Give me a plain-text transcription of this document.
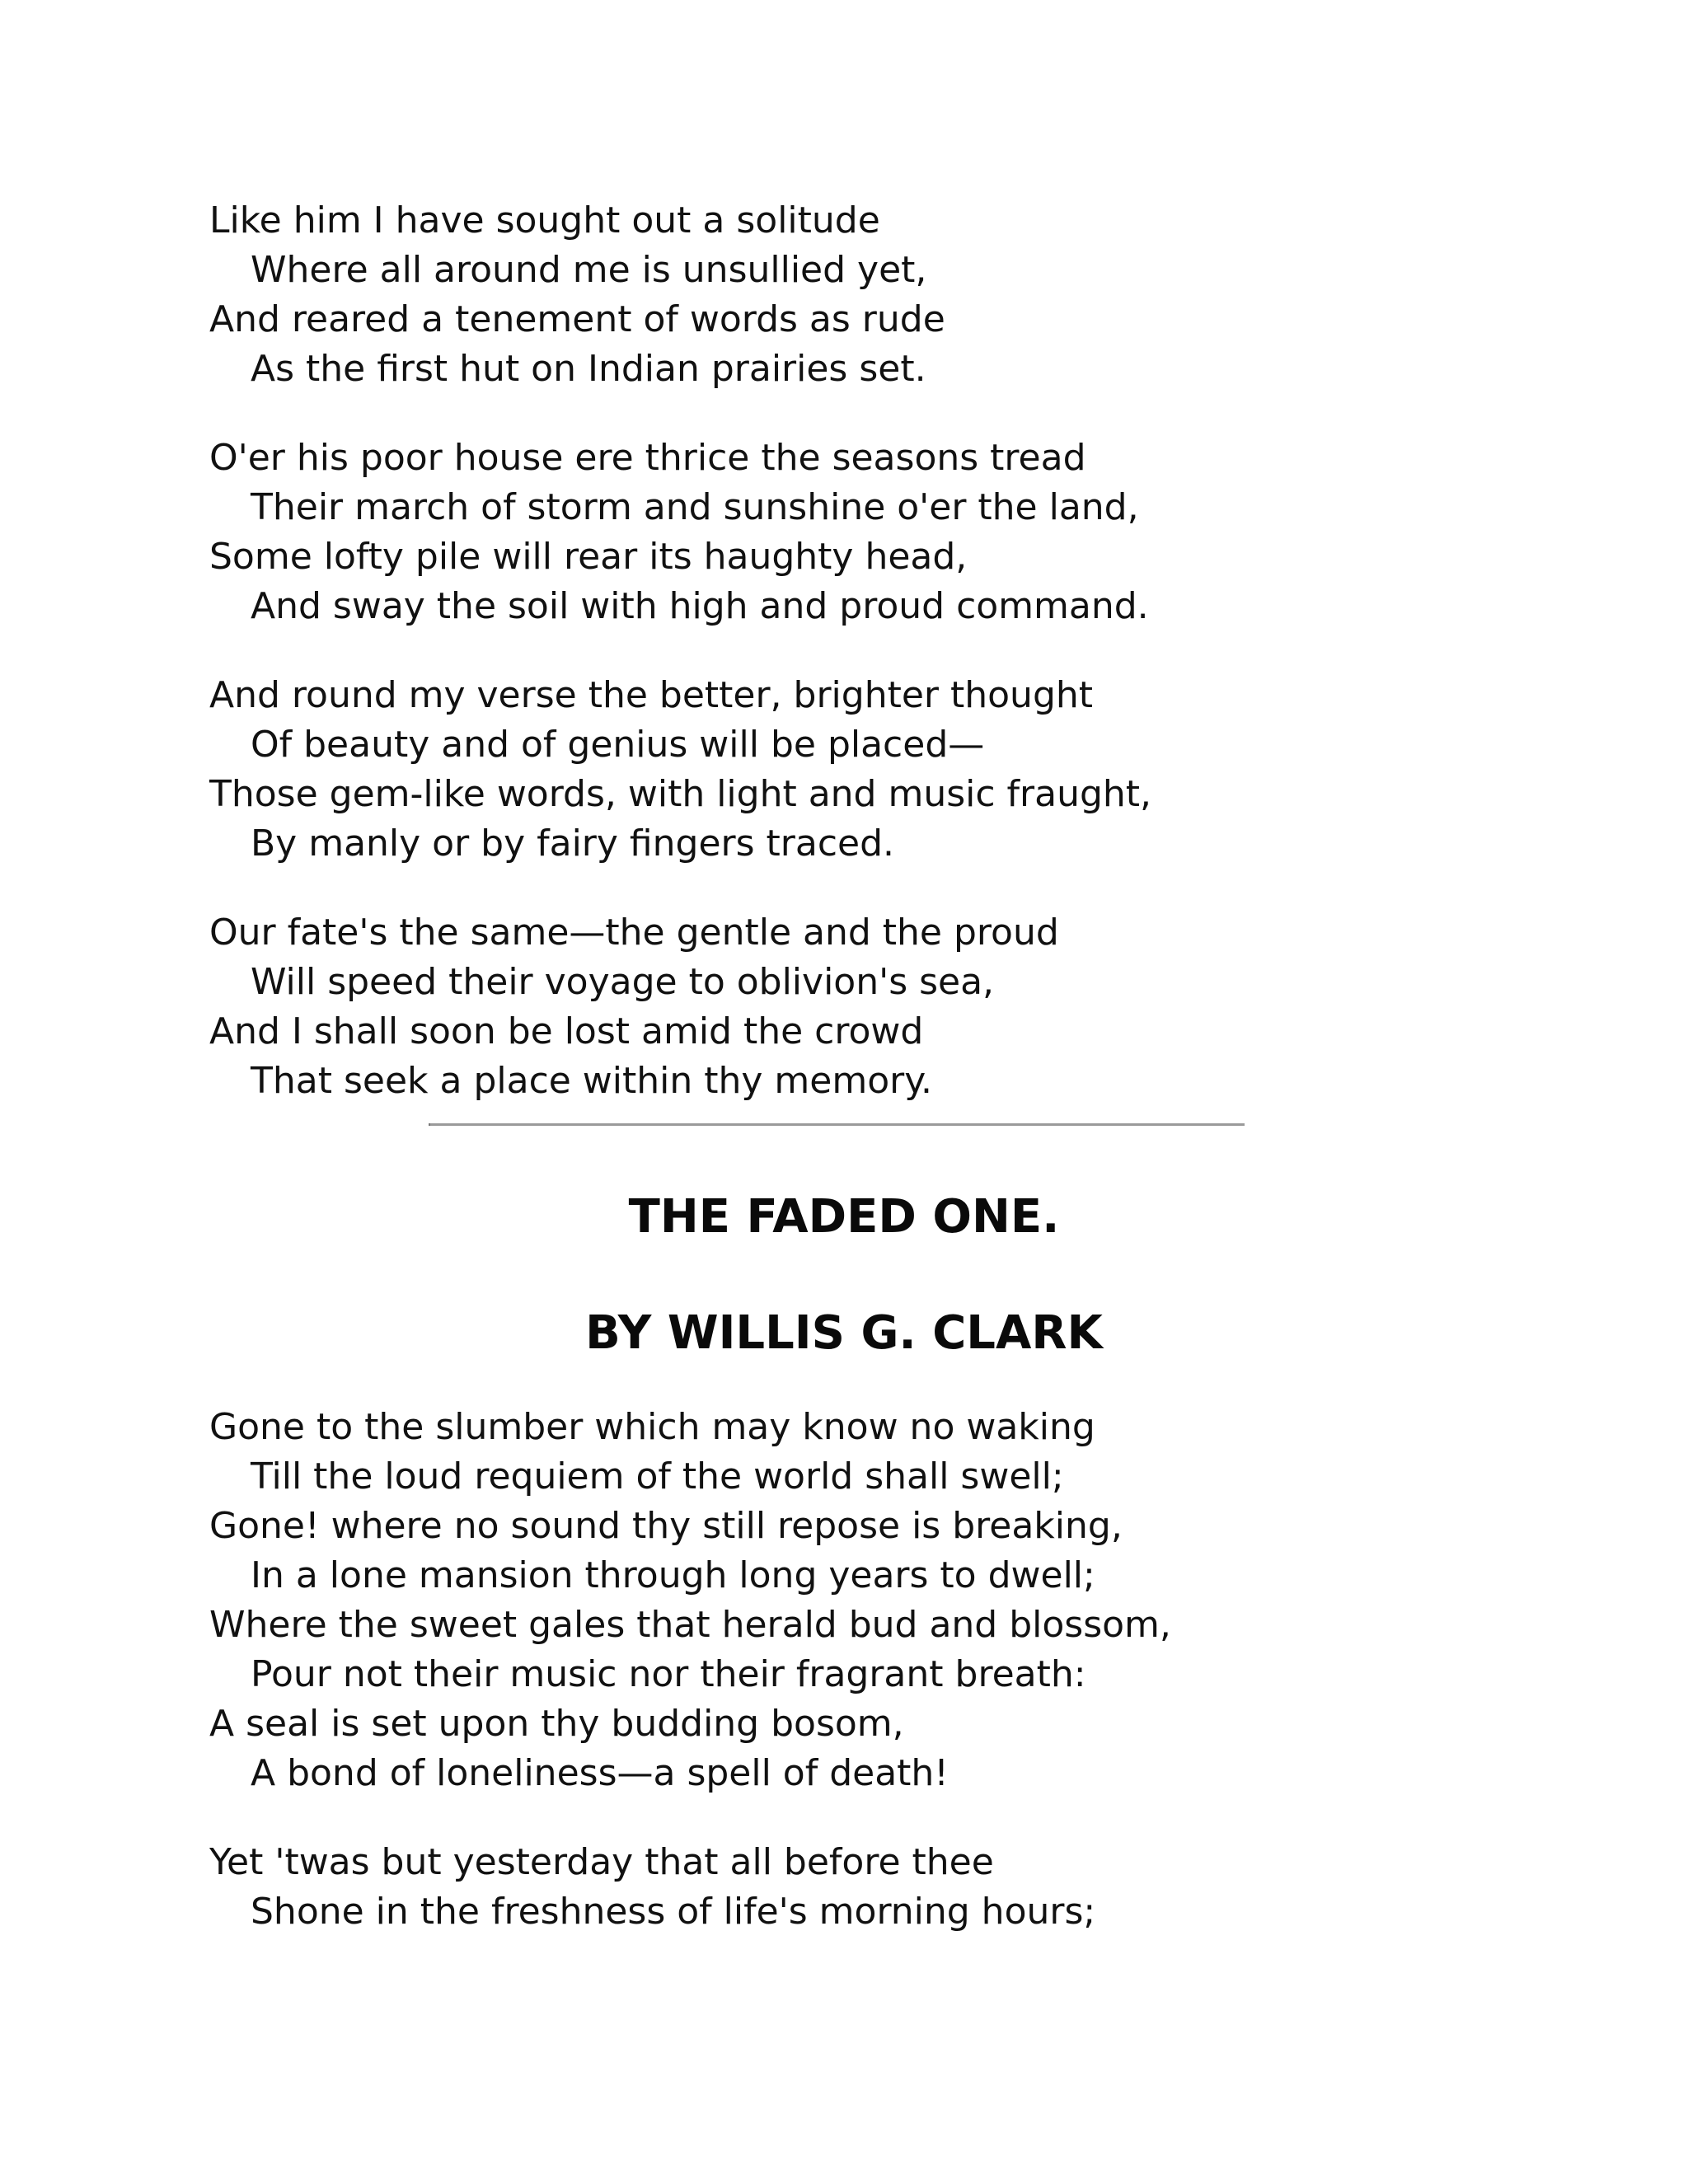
Like him I have sought out a solitude
Where all around me is unsullied yet,
And reared a tenement of words as rude
As the first hut on Indian prairies set.
O'er his poor house ere thrice the seasons tread
Their march of storm and sunshine o'er the land,
Some lofty pile will rear its haughty head,
And sway the soil with high and proud command.
And round my verse the better, brighter thought
Of beauty and of genius will be placed—
Those gem-like words, with light and music fraught,
By manly or by fairy fingers traced.
Our fate's the same—the gentle and the proud
Will speed their voyage to oblivion's sea,
And I shall soon be lost amid the crowd
That seek a place within thy memory.
THE FADED ONE.
BY WILLIS G. CLARK
Gone to the slumber which may know no waking
Till the loud requiem of the world shall swell;
Gone! where no sound thy still repose is breaking,
In a lone mansion through long years to dwell;
Where the sweet gales that herald bud and blossom,
Pour not their music nor their fragrant breath:
A seal is set upon thy budding bosom,
A bond of loneliness—a spell of death!
Yet 'twas but yesterday that all before thee
Shone in the freshness of life's morning hours;
